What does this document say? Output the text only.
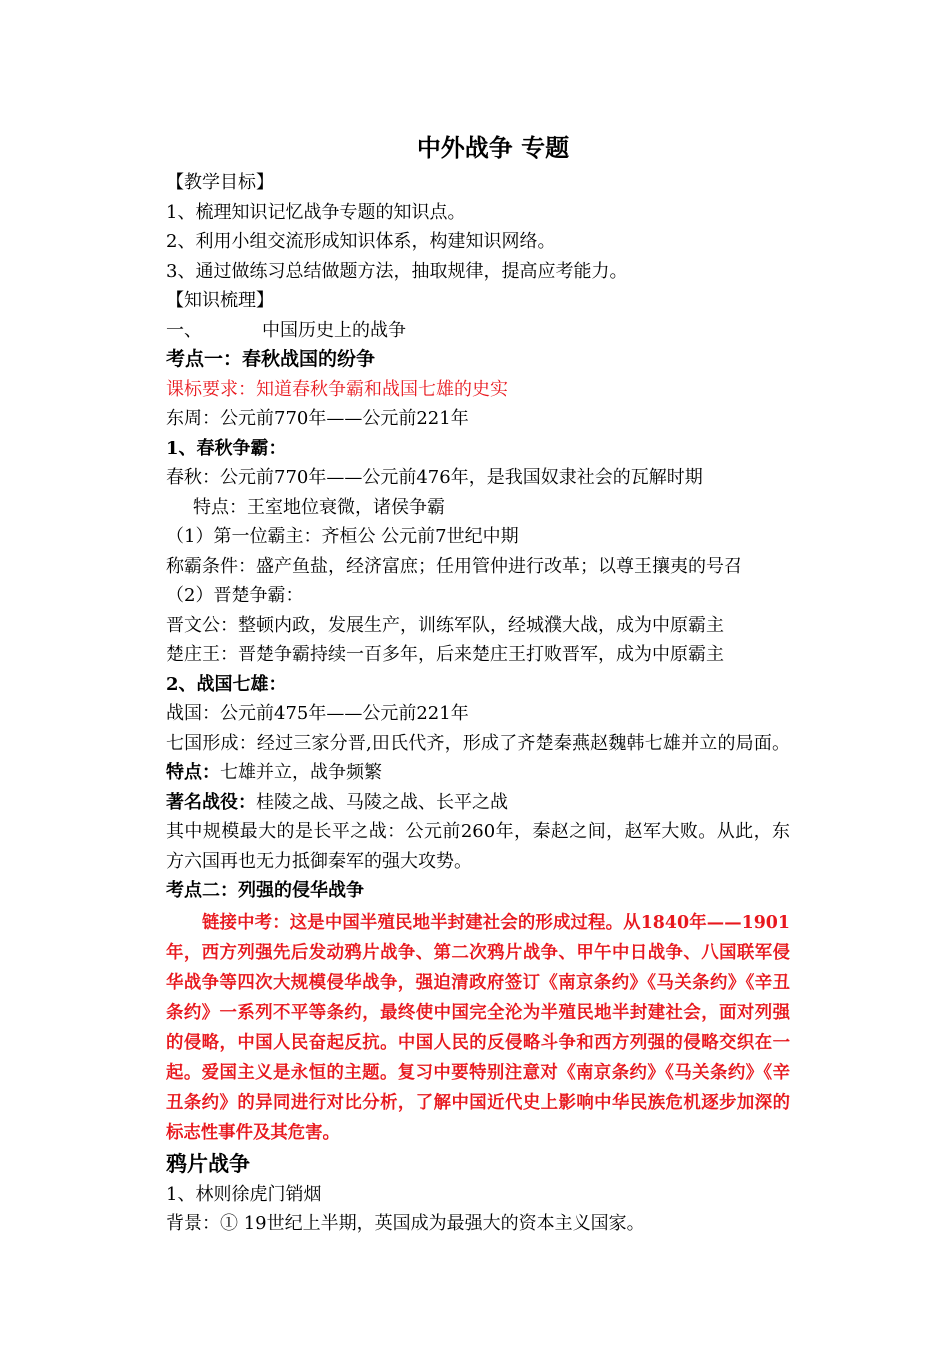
中外战争 专题
【教学目标】
1、梳理知识记忆战争专题的知识点。
2、利用小组交流形成知识体系，构建知识网络。
3、通过做练习总结做题方法，抽取规律，提高应考能力。
【知识梳理】
一、	中国历史上的战争
考点一：春秋战国的纷争
课标要求：知道春秋争霸和战国七雄的史实
东周：公元前770年——公元前221年
1、春秋争霸：
春秋：公元前770年——公元前476年，是我国奴隶社会的瓦解时期
特点：王室地位衰微，诸侯争霸
（1）第一位霸主：齐桓公 公元前7世纪中期
称霸条件：盛产鱼盐，经济富庶；任用管仲进行改革；以尊王攘夷的号召
（2）晋楚争霸：
晋文公：整顿内政，发展生产，训练军队，经城濮大战，成为中原霸主
楚庄王：晋楚争霸持续一百多年，后来楚庄王打败晋军，成为中原霸主
2、战国七雄：
战国：公元前475年——公元前221年
七国形成：经过三家分晋,田氏代齐，形成了齐楚秦燕赵魏韩七雄并立的局面。特点：七雄并立，战争频繁
著名战役：桂陵之战、马陵之战、长平之战
其中规模最大的是长平之战：公元前260年，秦赵之间，赵军大败。从此，东方六国再也无力抵御秦军的强大攻势。
考点二：列强的侵华战争
链接中考：这是中国半殖民地半封建社会的形成过程。从1840年——1901年，西方列强先后发动鸦片战争、第二次鸦片战争、甲午中日战争、八国联军侵华战争等四次大规模侵华战争，强迫清政府签订《南京条约》《马关条约》《辛丑条约》一系列不平等条约，最终使中国完全沦为半殖民地半封建社会，面对列强的侵略，中国人民奋起反抗。中国人民的反侵略斗争和西方列强的侵略交织在一起。爱国主义是永恒的主题。复习中要特别注意对《南京条约》《马关条约》《辛丑条约》的异同进行对比分析，了解中国近代史上影响中华民族危机逐步加深的标志性事件及其危害。
鸦片战争
1、林则徐虎门销烟
背景：① 19世纪上半期，英国成为最强大的资本主义国家。
